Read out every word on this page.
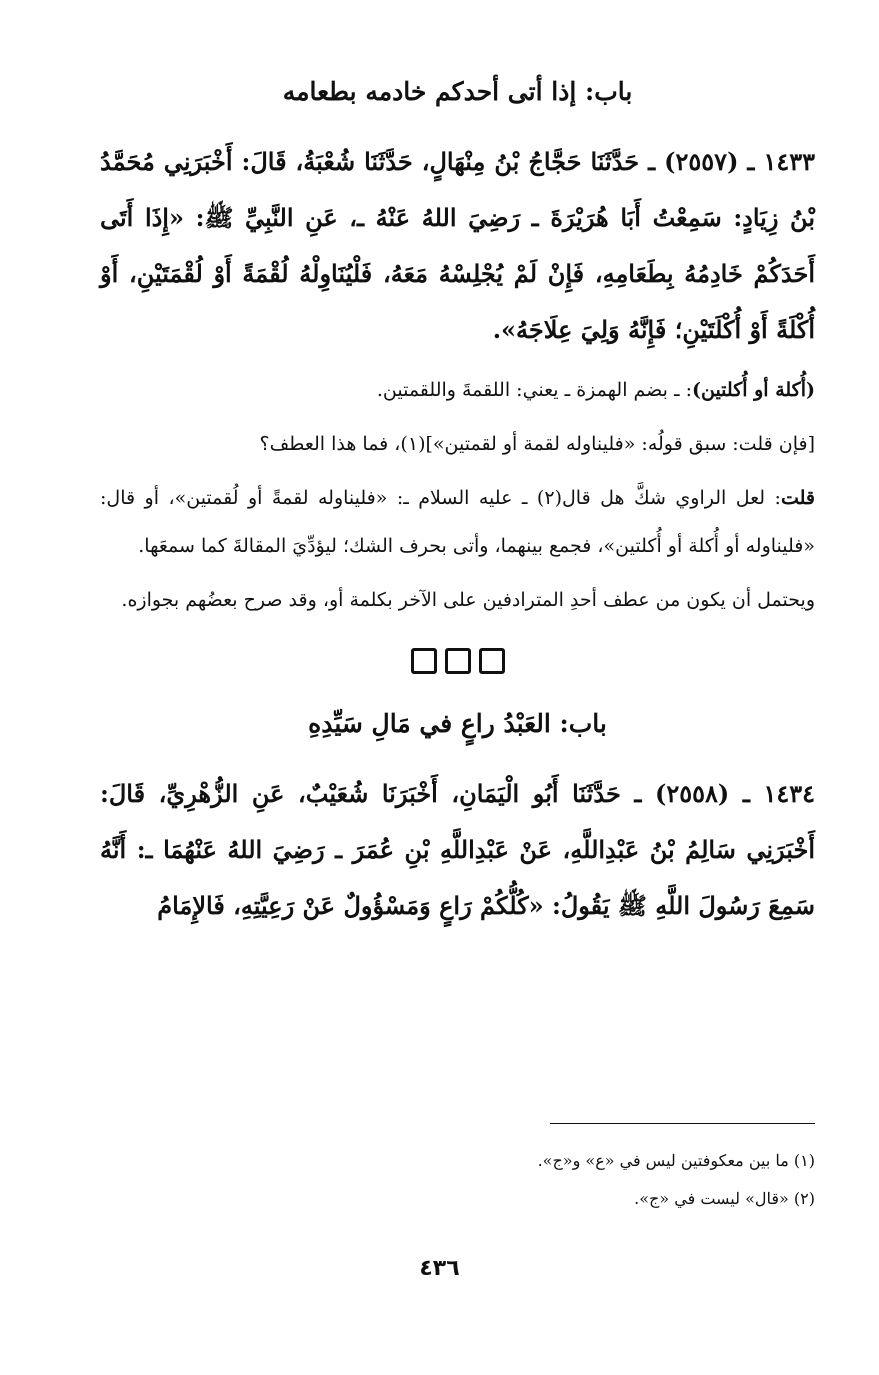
باب: إذا أتى أحدكم خادمه بطعامه

١٤٣٣ ـ (٢٥٥٧) ـ حَدَّثَنَا حَجَّاجُ بْنُ مِنْهَالٍ، حَدَّثَنَا شُعْبَةُ، قَالَ: أَخْبَرَنِي مُحَمَّدُ بْنُ زِيَادٍ: سَمِعْتُ أَبَا هُرَيْرَةَ ـ رَضِيَ اللهُ عَنْهُ ـ، عَنِ النَّبِيِّ ﷺ: «إِذَا أَتَى أَحَدَكُمْ خَادِمُهُ بِطَعَامِهِ، فَإِنْ لَمْ يُجْلِسْهُ مَعَهُ، فَلْيُنَاوِلْهُ لُقْمَةً أَوْ لُقْمَتَيْنِ، أَوْ أُكْلَةً أَوْ أُكْلَتَيْنِ؛ فَإِنَّهُ وَلِيَ عِلَاجَهُ».

(أُكلة أو أُكلتين): ـ بضم الهمزة ـ يعني: اللقمةَ واللقمتين.

[فإن قلت: سبق قولُه: «فليناوله لقمة أو لقمتين»](١)، فما هذا العطف؟

قلت: لعل الراوي شكَّ هل قال(٢) ـ عليه السلام ـ: «فليناوله لقمةً أو لُقمتين»، أو قال: «فليناوله أو أُكلة أو أُكلتين»، فجمع بينهما، وأتى بحرف الشك؛ ليؤدِّيَ المقالةَ كما سمعَها.

ويحتمل أن يكون من عطف أحدِ المترادفين على الآخر بكلمة أو، وقد صرح بعضُهم بجوازه.

باب: العَبْدُ راعٍ في مَالِ سَيِّدِهِ

١٤٣٤ ـ (٢٥٥٨) ـ حَدَّثَنَا أَبُو الْيَمَانِ، أَخْبَرَنَا شُعَيْبٌ، عَنِ الزُّهْرِيِّ، قَالَ: أَخْبَرَنِي سَالِمُ بْنُ عَبْدِاللَّهِ، عَنْ عَبْدِاللَّهِ بْنِ عُمَرَ ـ رَضِيَ اللهُ عَنْهُمَا ـ: أَنَّهُ سَمِعَ رَسُولَ اللَّهِ ﷺ يَقُولُ: «كُلُّكُمْ رَاعٍ وَمَسْؤُولٌ عَنْ رَعِيَّتِهِ، فَالإِمَامُ

(١) ما بين معكوفتين ليس في «ع» و«ج».
(٢) «قال» ليست في «ج».
٤٣٦
